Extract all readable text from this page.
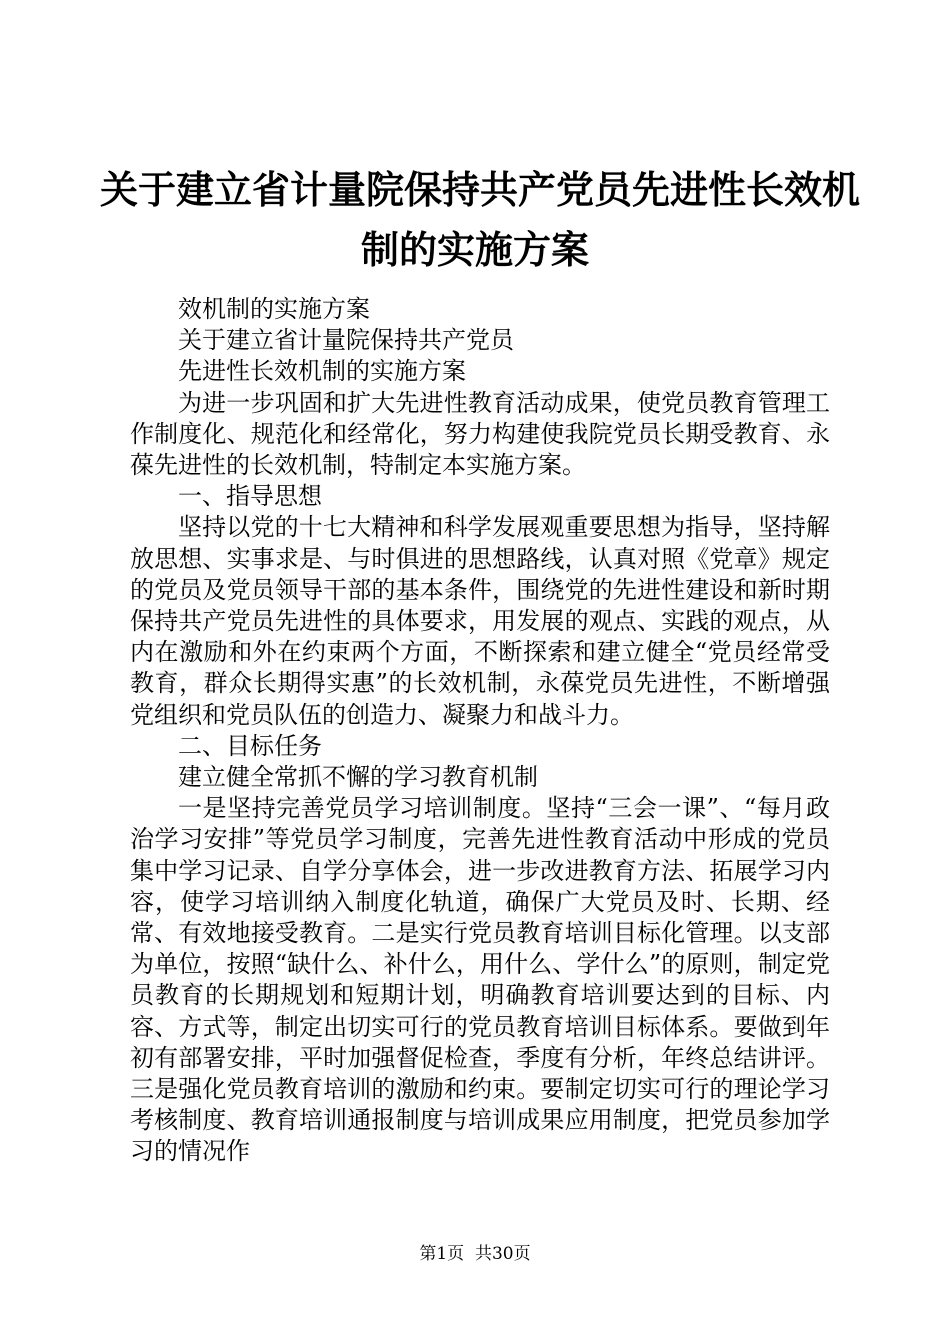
关于建立省计量院保持共产党员先进性长效机
制的实施方案

效机制的实施方案

关于建立省计量院保持共产党员

先进性长效机制的实施方案

为进一步巩固和扩大先进性教育活动成果，使党员教育管理工作制度化、规范化和经常化，努力构建使我院党员长期受教育、永葆先进性的长效机制，特制定本实施方案。

一、指导思想

坚持以党的十七大精神和科学发展观重要思想为指导，坚持解放思想、实事求是、与时俱进的思想路线，认真对照《党章》规定的党员及党员领导干部的基本条件，围绕党的先进性建设和新时期保持共产党员先进性的具体要求，用发展的观点、实践的观点，从内在激励和外在约束两个方面，不断探索和建立健全“党员经常受教育，群众长期得实惠”的长效机制，永葆党员先进性，不断增强党组织和党员队伍的创造力、凝聚力和战斗力。

二、目标任务

建立健全常抓不懈的学习教育机制

一是坚持完善党员学习培训制度。坚持“三会一课”、“每月政治学习安排”等党员学习制度，完善先进性教育活动中形成的党员集中学习记录、自学分享体会，进一步改进教育方法、拓展学习内容，使学习培训纳入制度化轨道，确保广大党员及时、长期、经常、有效地接受教育。二是实行党员教育培训目标化管理。以支部为单位，按照“缺什么、补什么，用什么、学什么”的原则，制定党员教育的长期规划和短期计划，明确教育培训要达到的目标、内容、方式等，制定出切实可行的党员教育培训目标体系。要做到年初有部署安排，平时加强督促检查，季度有分析，年终总结讲评。三是强化党员教育培训的激励和约束。要制定切实可行的理论学习考核制度、教育培训通报制度与培训成果应用制度，把党员参加学习的情况作

第1页  共30页
